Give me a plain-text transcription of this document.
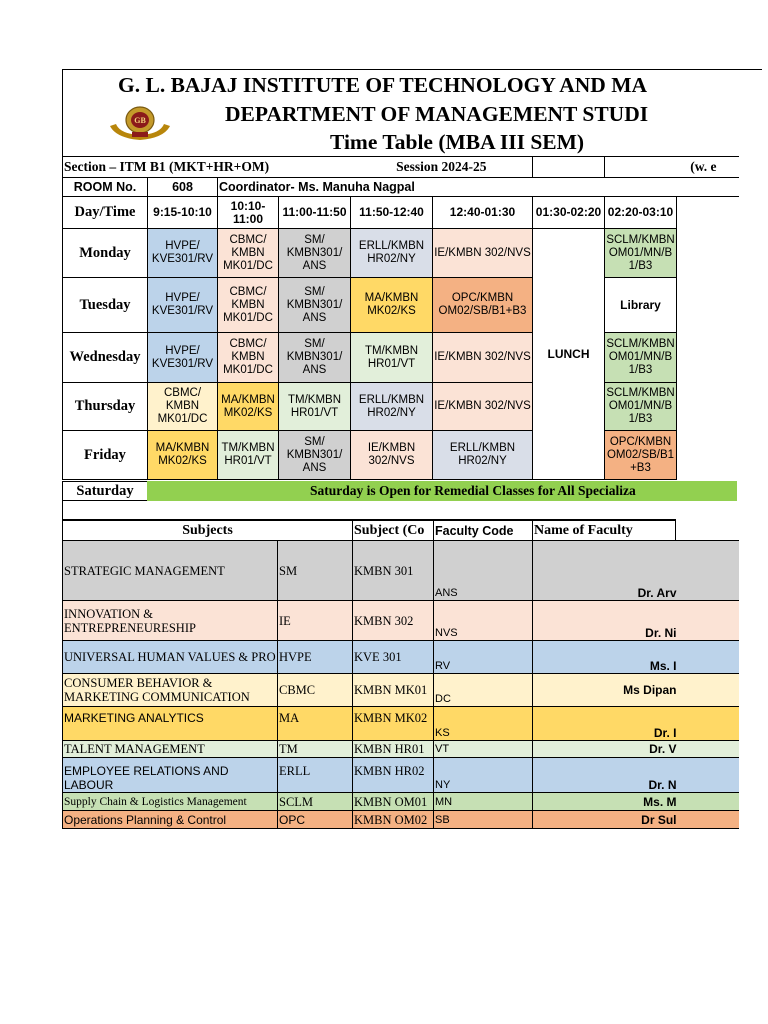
GB
G. L. BAJAJ INSTITUTE OF TECHNOLOGY AND MA
DEPARTMENT OF MANAGEMENT STUDI
Time Table (MBA III SEM)
Section – ITM B1 (MKT+HR+OM)			Session 2024-25		(w. e
ROOM No.	608	Coordinator- Ms. Manuha Nagpal			
Day/Time	9:15-10:10	10:10-
11:00	11:00-11:50	11:50-12:40	12:40-01:30	01:30-02:20	02:20-03:10
Monday	HVPE/
KVE301/RV	CBMC/
KMBN
MK01/DC	SM/
KMBN301/
ANS	ERLL/KMBN
HR02/NY	IE/KMBN 302/NVS	LUNCH	SCLM/KMBN
OM01/MN/B
1/B3
Tuesday	HVPE/
KVE301/RV	CBMC/
KMBN
MK01/DC	SM/
KMBN301/
ANS	MA/KMBN
MK02/KS	OPC/KMBN
OM02/SB/B1+B3		Library
Wednesday	HVPE/
KVE301/RV	CBMC/
KMBN
MK01/DC	SM/
KMBN301/
ANS	TM/KMBN
HR01/VT	IE/KMBN 302/NVS		SCLM/KMBN
OM01/MN/B
1/B3
Thursday	CBMC/
KMBN
MK01/DC	MA/KMBN
MK02/KS	TM/KMBN
HR01/VT	ERLL/KMBN
HR02/NY	IE/KMBN 302/NVS		SCLM/KMBN
OM01/MN/B
1/B3
Friday	MA/KMBN
MK02/KS	TM/KMBN
HR01/VT	SM/
KMBN301/
ANS	IE/KMBN
302/NVS	ERLL/KMBN
HR02/NY		OPC/KMBN
OM02/SB/B1
+B3
Saturday	Saturday is Open for Remedial Classes for All Specializa
Subjects		Subject (Co	Faculty Code	Name of Faculty	
STRATEGIC MANAGEMENT	SM	KMBN 301	ANS	Dr. Arv	
INNOVATION &
ENTREPRENEURESHIP	IE	KMBN 302	NVS	Dr. Ni	
UNIVERSAL HUMAN VALUES & PRO	HVPE	KVE 301	RV	Ms. I	
CONSUMER BEHAVIOR &
MARKETING COMMUNICATION	CBMC	KMBN MK01	DC	Ms Dipan	
MARKETING ANALYTICS	MA	KMBN MK02	KS	Dr. I	
TALENT MANAGEMENT	TM	KMBN HR01	VT	Dr. V	
EMPLOYEE RELATIONS AND LABOUR	ERLL	KMBN HR02	NY	Dr. N	
Supply Chain & Logistics Management	SCLM	KMBN OM01	MN	Ms. M	
Operations Planning & Control	OPC	KMBN OM02	SB	Dr Sul	
